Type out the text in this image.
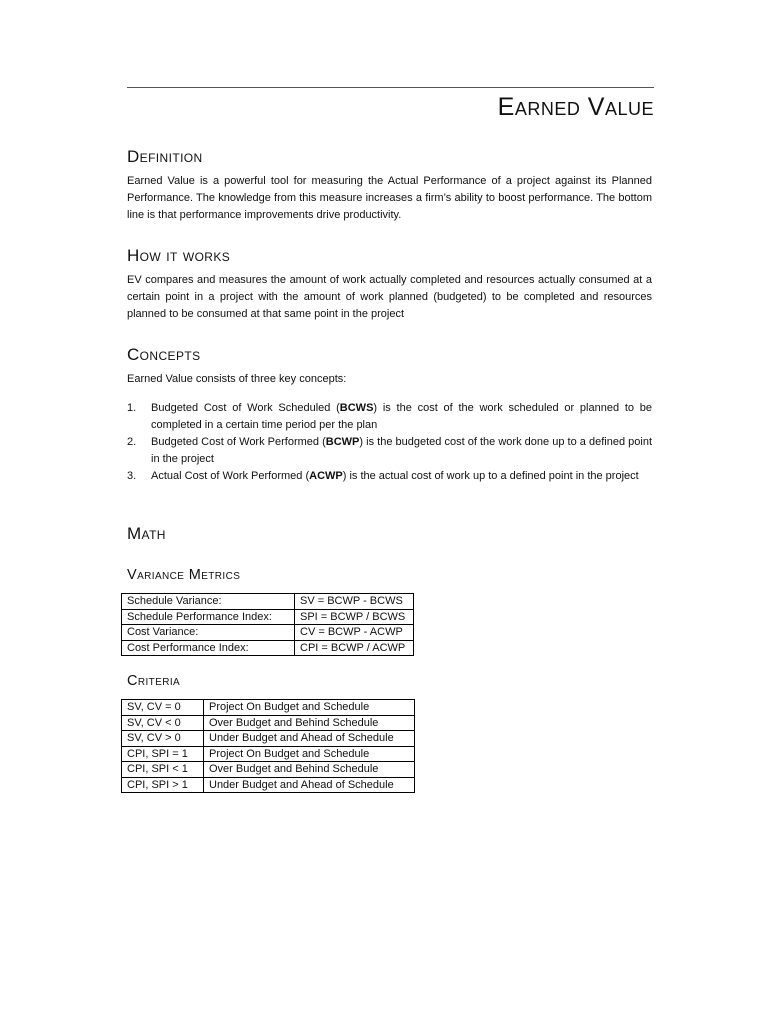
Earned Value
Definition

Earned Value is a powerful tool for measuring the Actual Performance of a project against its Planned Performance. The knowledge from this measure increases a firm’s ability to boost performance. The bottom line is that performance improvements drive productivity.

How it works

EV compares and measures the amount of work actually completed and resources actually consumed at a certain point in a project with the amount of work planned (budgeted) to be completed and resources planned to be consumed at that same point in the project

Concepts

Earned Value consists of three key concepts:

1. Budgeted Cost of Work Scheduled (BCWS) is the cost of the work scheduled or planned to be completed in a certain time period per the plan
2. Budgeted Cost of Work Performed (BCWP) is the budgeted cost of the work done up to a defined point in the project
3. Actual Cost of Work Performed (ACWP) is the actual cost of work up to a defined point in the project
Math
Variance Metrics
Schedule Variance:	SV = BCWP - BCWS
Schedule Performance Index:	SPI = BCWP / BCWS
Cost Variance:	CV = BCWP - ACWP
Cost Performance Index:	CPI = BCWP / ACWP
Criteria
SV, CV = 0	Project On Budget and Schedule
SV, CV < 0	Over Budget and Behind Schedule
SV, CV > 0	Under Budget and Ahead of Schedule
CPI, SPI = 1	Project On Budget and Schedule
CPI, SPI < 1	Over Budget and Behind Schedule
CPI, SPI > 1	Under Budget and Ahead of Schedule
